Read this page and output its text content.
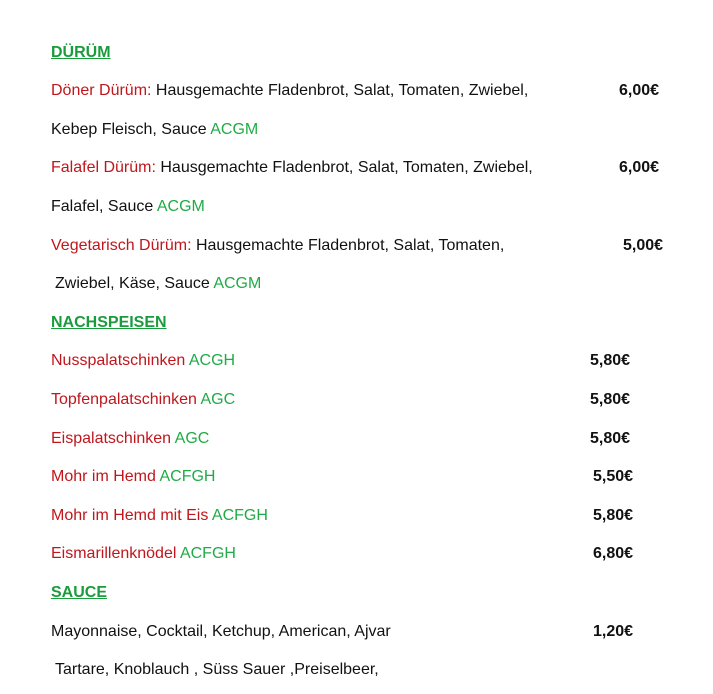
DÜRÜM
Döner Dürüm: Hausgemachte Fladenbrot, Salat, Tomaten, Zwiebel,	6,00€
Kebep Fleisch, Sauce ACGM
Falafel Dürüm: Hausgemachte Fladenbrot, Salat, Tomaten, Zwiebel,	6,00€
Falafel, Sauce ACGM
Vegetarisch Dürüm: Hausgemachte Fladenbrot, Salat, Tomaten,	5,00€
Zwiebel, Käse, Sauce ACGM
NACHSPEISEN
Nusspalatschinken ACGH	5,80€
Topfenpalatschinken AGC	5,80€
Eispalatschinken AGC	5,80€
Mohr im Hemd ACFGH	5,50€
Mohr im Hemd mit Eis ACFGH	5,80€
Eismarillenknödel ACFGH	6,80€
SAUCE
Mayonnaise, Cocktail, Ketchup, American, Ajvar	1,20€
Tartare, Knoblauch , Süss Sauer ,Preiselbeer,
